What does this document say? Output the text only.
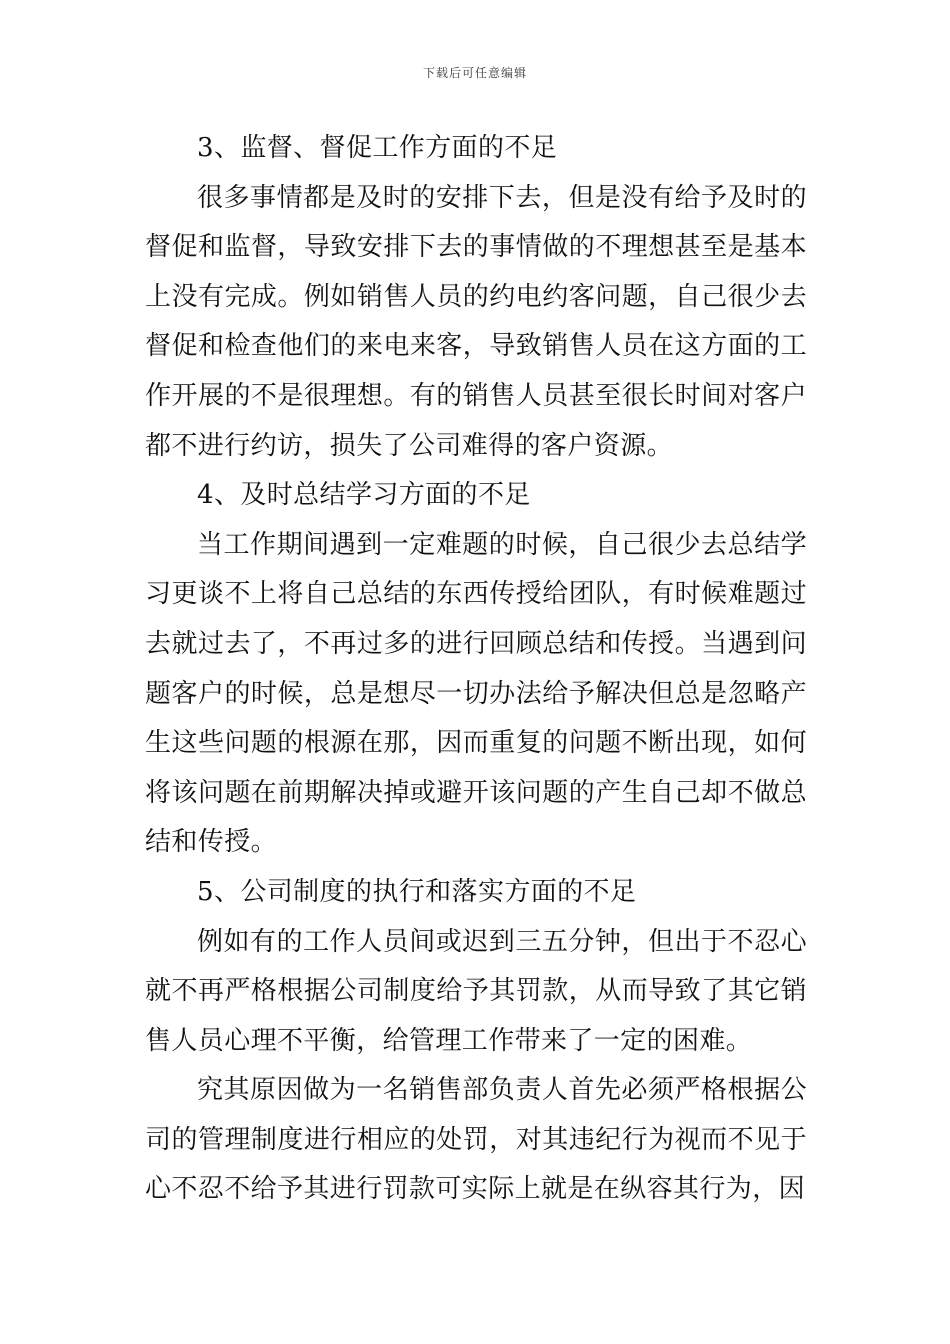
下载后可任意编辑

3、监督、督促工作方面的不足

很多事情都是及时的安排下去，但是没有给予及时的督促和监督，导致安排下去的事情做的不理想甚至是基本上没有完成。例如销售人员的约电约客问题，自己很少去督促和检查他们的来电来客，导致销售人员在这方面的工作开展的不是很理想。有的销售人员甚至很长时间对客户都不进行约访，损失了公司难得的客户资源。

4、及时总结学习方面的不足

当工作期间遇到一定难题的时候，自己很少去总结学习更谈不上将自己总结的东西传授给团队，有时候难题过去就过去了，不再过多的进行回顾总结和传授。当遇到问题客户的时候，总是想尽一切办法给予解决但总是忽略产生这些问题的根源在那，因而重复的问题不断出现，如何将该问题在前期解决掉或避开该问题的产生自己却不做总结和传授。

5、公司制度的执行和落实方面的不足

例如有的工作人员间或迟到三五分钟，但出于不忍心就不再严格根据公司制度给予其罚款，从而导致了其它销售人员心理不平衡，给管理工作带来了一定的困难。

究其原因做为一名销售部负责人首先必须严格根据公司的管理制度进行相应的处罚，对其违纪行为视而不见于心不忍不给予其进行罚款可实际上就是在纵容其行为，因
